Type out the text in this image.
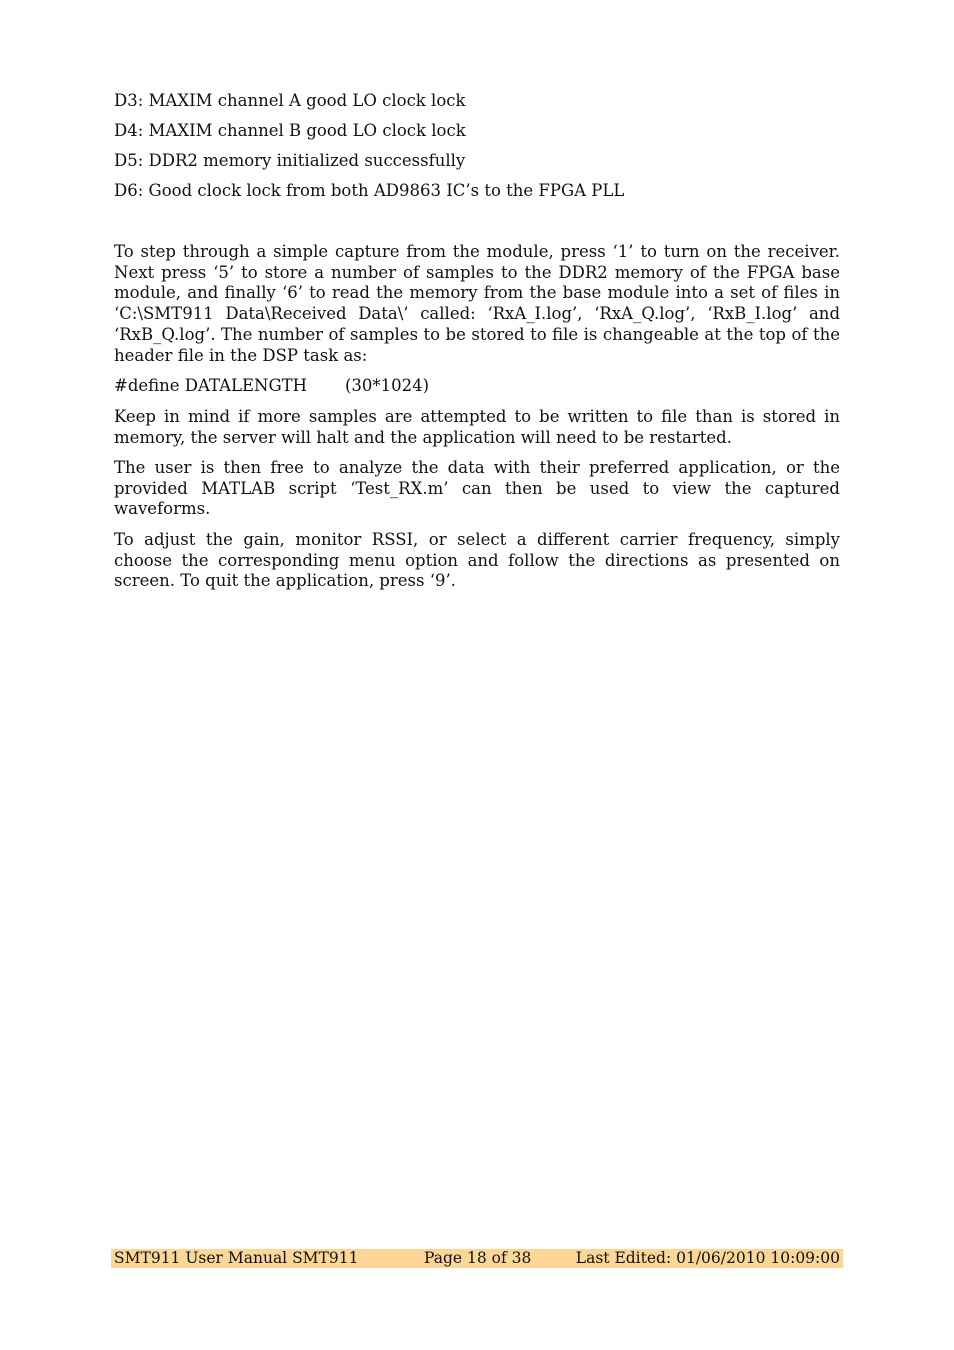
D3: MAXIM channel A good LO clock lock
D4: MAXIM channel B good LO clock lock
D5: DDR2 memory initialized successfully
D6: Good clock lock from both AD9863 IC’s to the FPGA PLL
To step through a simple capture from the module, press ‘1’ to turn on the receiver. Next press ‘5’ to store a number of samples to the DDR2 memory of the FPGA base module, and finally ‘6’ to read the memory from the base module into a set of files in ‘C:\SMT911 Data\Received Data\’ called: ‘RxA_I.log’, ‘RxA_Q.log’, ‘RxB_I.log’ and ‘RxB_Q.log’. The number of samples to be stored to file is changeable at the top of the header file in the DSP task as:
#define DATALENGTH (30*1024)
Keep in mind if more samples are attempted to be written to file than is stored in memory, the server will halt and the application will need to be restarted.
The user is then free to analyze the data with their preferred application, or the provided MATLAB script ‘Test_RX.m’ can then be used to view the captured waveforms.
To adjust the gain, monitor RSSI, or select a different carrier frequency, simply choose the corresponding menu option and follow the directions as presented on screen. To quit the application, press ‘9’.
SMT911 User Manual SMT911	Page 18 of 38	Last Edited: 01/06/2010 10:09:00
